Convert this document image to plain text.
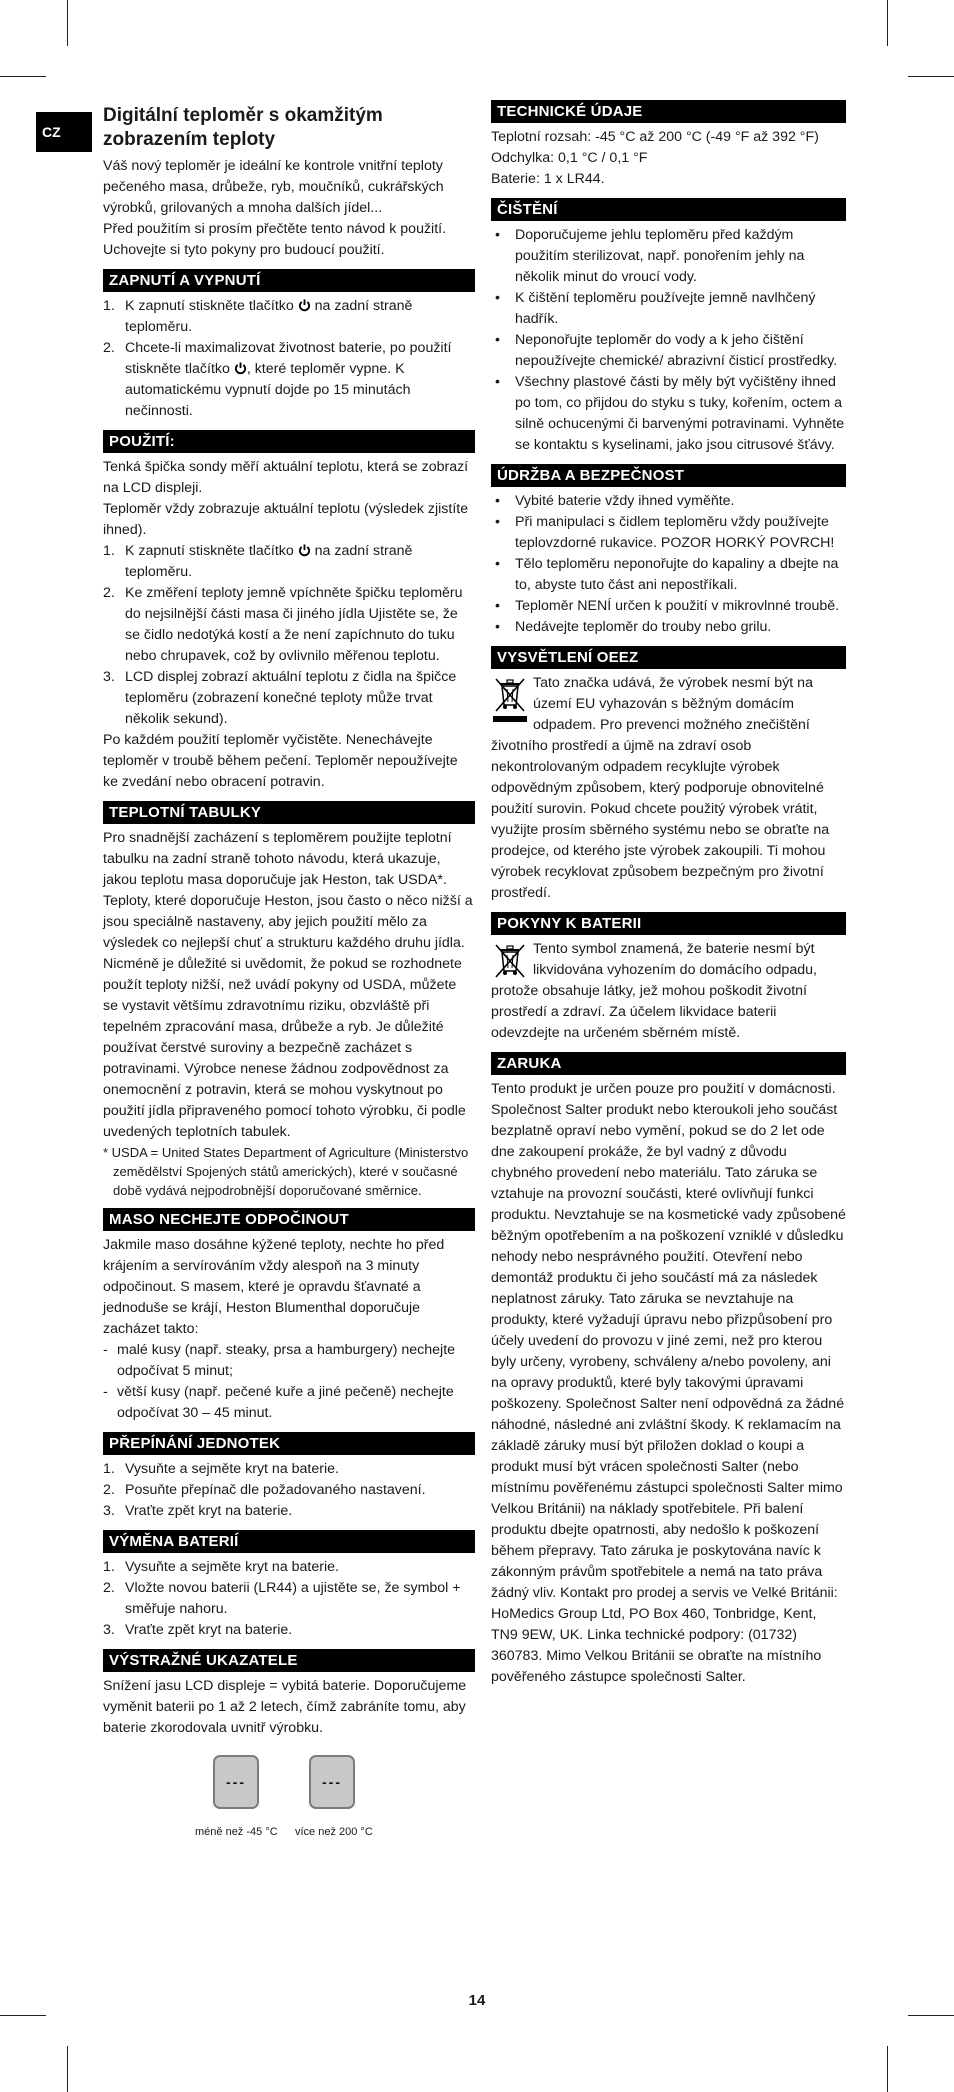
CZ
Digitální teploměr s okamžitým zobrazením teploty

Váš nový teploměr je ideální ke kontrole vnitřní teploty pečeného masa, drůbeže, ryb, moučníků, cukrářských výrobků, grilovaných a mnoha dalších jídel...

Před použitím si prosím přečtěte tento návod k použití. Uchovejte si tyto pokyny pro budoucí použití.

ZAPNUTÍ A VYPNUTÍ
1. K zapnutí stiskněte tlačítko  na zadní straně teploměru.
2. Chcete-li maximalizovat životnost baterie, po použití stiskněte tlačítko , které teploměr vypne. K automatickému vypnutí dojde po 15 minutách nečinnosti.
POUŽITÍ:

Tenká špička sondy měří aktuální teplotu, která se zobrazí na LCD displeji.

Teploměr vždy zobrazuje aktuální teplotu (výsledek zjistíte ihned).

1. K zapnutí stiskněte tlačítko  na zadní straně teploměru.
2. Ke změření teploty jemně vpíchněte špičku teploměru do nejsilnější části masa či jiného jídla Ujistěte se, že se čidlo nedotýká kostí a že není zapíchnuto do tuku nebo chrupavek, což by ovlivnilo měřenou teplotu.
3. LCD displej zobrazí aktuální teplotu z čidla na špičce teploměru (zobrazení konečné teploty může trvat několik sekund).

Po každém použití teploměr vyčistěte. Nenechávejte teploměr v troubě během pečení. Teploměr nepoužívejte ke zvedání nebo obracení potravin.

TEPLOTNÍ TABULKY

Pro snadnější zacházení s teploměrem použijte teplotní tabulku na zadní straně tohoto návodu, která ukazuje, jakou teplotu masa doporučuje jak Heston, tak USDA*. Teploty, které doporučuje Heston, jsou často o něco nižší a jsou speciálně nastaveny, aby jejich použití mělo za výsledek co nejlepší chuť a strukturu každého druhu jídla. Nicméně je důležité si uvědomit, že pokud se rozhodnete použít teploty nižší, než uvádí pokyny od USDA, můžete se vystavit většímu zdravotnímu riziku, obzvláště při tepelném zpracování masa, drůbeže a ryb. Je důležité používat čerstvé suroviny a bezpečně zacházet s potravinami. Výrobce nenese žádnou zodpovědnost za onemocnění z potravin, která se mohou vyskytnout po použití jídla připraveného pomocí tohoto výrobku, či podle uvedených teplotních tabulek.

* USDA = United States Department of Agriculture (Ministerstvo zemědělství Spojených států amerických), které v současné době vydává nejpodrobnější doporučované směrnice.

MASO NECHEJTE ODPOČINOUT

Jakmile maso dosáhne kýžené teploty, nechte ho před krájením a servírováním vždy alespoň na 3 minuty odpočinout. S masem, které je opravdu šťavnaté a jednoduše se krájí, Heston Blumenthal doporučuje zacházet takto:

- malé kusy (např. steaky, prsa a hamburgery) nechejte odpočívat 5 minut;
- větší kusy (např. pečené kuře a jiné pečeně) nechejte odpočívat 30 – 45 minut.
PŘEPÍNÁNÍ JEDNOTEK
1. Vysuňte a sejměte kryt na baterie.
2. Posuňte přepínač dle požadovaného nastavení.
3. Vraťte zpět kryt na baterie.
VÝMĚNA BATERIÍ
1. Vysuňte a sejměte kryt na baterie.
2. Vložte novou baterii (LR44) a ujistěte se, že symbol + směřuje nahoru.
3. Vraťte zpět kryt na baterie.
VÝSTRAŽNÉ UKAZATELE

Snížení jasu LCD displeje = vybitá baterie. Doporučujeme vyměnit baterii po 1 až 2 letech, čímž zabráníte tomu, aby baterie zkorodovala uvnitř výrobku.

---	---
méně než -45 °C více než 200 °C
TECHNICKÉ ÚDAJE

Teplotní rozsah: -45 °C až 200 °C (-49 °F až 392 °F)

Odchylka: 0,1 °C / 0,1 °F

Baterie: 1 x LR44.

ČIŠTĚNÍ
• Doporučujeme jehlu teploměru před každým použitím sterilizovat, např. ponořením jehly na několik minut do vroucí vody.
• K čištění teploměru používejte jemně navlhčený hadřík.
• Neponořujte teploměr do vody a k jeho čištění nepoužívejte chemické/ abrazivní čisticí prostředky.
• Všechny plastové části by měly být vyčištěny ihned po tom, co přijdou do styku s tuky, kořením, octem a silně ochucenými či barvenými potravinami. Vyhněte se kontaktu s kyselinami, jako jsou citrusové šťávy.
ÚDRŽBA A BEZPEČNOST
• Vybité baterie vždy ihned vyměňte.
• Při manipulaci s čidlem teploměru vždy používejte teplovzdorné rukavice. POZOR HORKÝ POVRCH!
• Tělo teploměru neponořujte do kapaliny a dbejte na to, abyste tuto část ani nepostříkali.
• Teploměr NENÍ určen k použití v mikrovlnné troubě.
• Nedávejte teploměr do trouby nebo grilu.
VYSVĚTLENÍ OEEZ

Tato značka udává, že výrobek nesmí být na území EU vyhazován s běžným domácím odpadem. Pro prevenci možného znečištění životního prostředí a újmě na zdraví osob nekontrolovaným odpadem recyklujte výrobek odpovědným způsobem, který podporuje obnovitelné použití surovin. Pokud chcete použitý výrobek vrátit, využijte prosím sběrného systému nebo se obraťte na prodejce, od kterého jste výrobek zakoupili. Ti mohou výrobek recyklovat způsobem bezpečným pro životní prostředí.

POKYNY K BATERII

Tento symbol znamená, že baterie nesmí být likvidována vyhozením do domácího odpadu, protože obsahuje látky, jež mohou poškodit životní prostředí a zdraví. Za účelem likvidace baterii odevzdejte na určeném sběrném místě.

ZARUKA

Tento produkt je určen pouze pro použití v domácnosti. Společnost Salter produkt nebo kteroukoli jeho součást bezplatně opraví nebo vymění, pokud se do 2 let ode dne zakoupení prokáže, že byl vadný z důvodu chybného provedení nebo materiálu. Tato záruka se vztahuje na provozní součásti, které ovlivňují funkci produktu. Nevztahuje se na kosmetické vady způsobené běžným opotřebením a na poškození vzniklé v důsledku nehody nebo nesprávného použití. Otevření nebo demontáž produktu či jeho součástí má za následek neplatnost záruky. Tato záruka se nevztahuje na produkty, které vyžadují úpravu nebo přizpůsobení pro účely uvedení do provozu v jiné zemi, než pro kterou byly určeny, vyrobeny, schváleny a/nebo povoleny, ani na opravy produktů, které byly takovými úpravami poškozeny. Společnost Salter není odpovědná za žádné náhodné, následné ani zvláštní škody. K reklamacím na základě záruky musí být přiložen doklad o koupi a produkt musí být vrácen společnosti Salter (nebo místnímu pověřenému zástupci společnosti Salter mimo Velkou Británii) na náklady spotřebitele. Při balení produktu dbejte opatrnosti, aby nedošlo k poškození během přepravy. Tato záruka je poskytována navíc k zákonným právům spotřebitele a nemá na tato práva žádný vliv. Kontakt pro prodej a servis ve Velké Británii: HoMedics Group Ltd, PO Box 460, Tonbridge, Kent, TN9 9EW, UK. Linka technické podpory: (01732) 360783. Mimo Velkou Británii se obraťte na místního pověřeného zástupce společnosti Salter.

14
